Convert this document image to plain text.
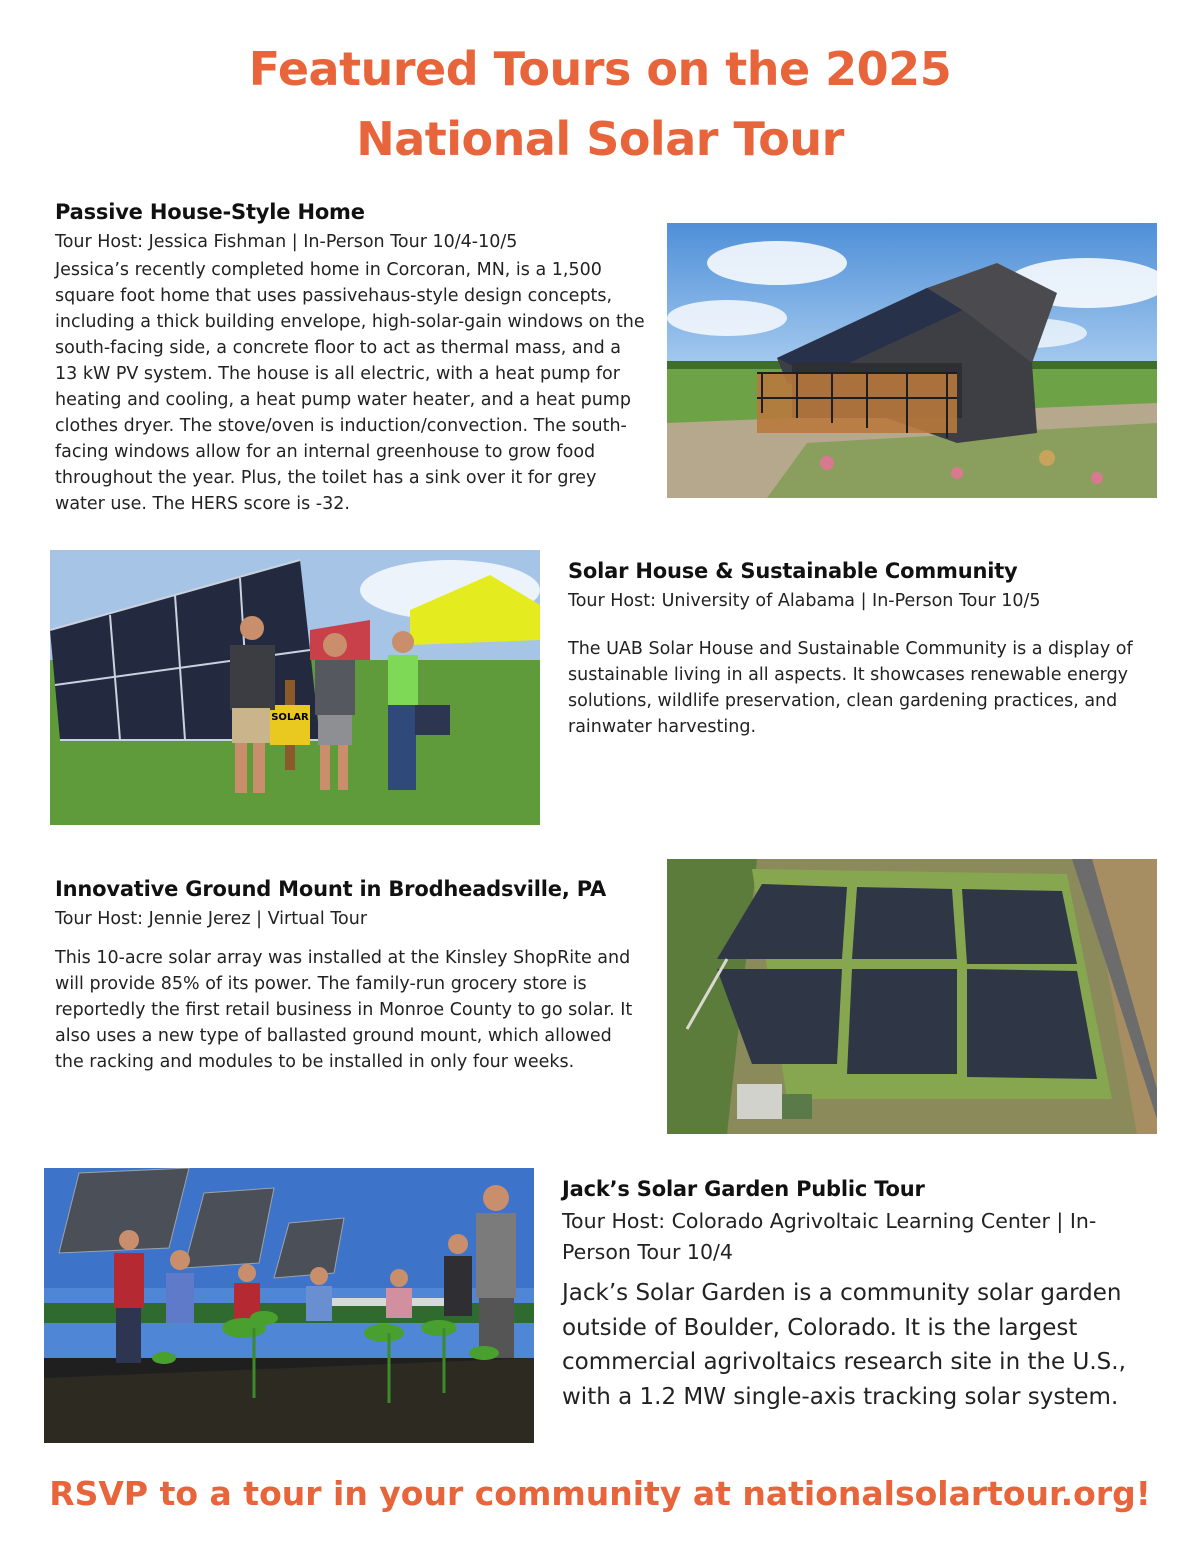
Featured Tours on the 2025
National Solar Tour
Passive House-Style Home
Tour Host: Jessica Fishman | In-Person Tour 10/4-10/5
Jessica’s recently completed home in Corcoran, MN, is a 1,500 square foot home that uses passivehaus-style design concepts, including a thick building envelope, high-solar-gain windows on the south-facing side, a concrete floor to act as thermal mass, and a 13 kW PV system. The house is all electric, with a heat pump for heating and cooling, a heat pump water heater, and a heat pump clothes dryer. The stove/oven is induction/convection. The south-facing windows allow for an internal greenhouse to grow food throughout the year. Plus, the toilet has a sink over it for grey water use. The HERS score is -32.
SOLAR
Solar House & Sustainable Community
Tour Host: University of Alabama | In-Person Tour 10/5
The UAB Solar House and Sustainable Community is a display of sustainable living in all aspects. It showcases renewable energy solutions, wildlife preservation, clean gardening practices, and rainwater harvesting.
Innovative Ground Mount in Brodheadsville, PA
Tour Host: Jennie Jerez | Virtual Tour
This 10-acre solar array was installed at the Kinsley ShopRite and will provide 85% of its power. The family-run grocery store is reportedly the first retail business in Monroe County to go solar. It also uses a new type of ballasted ground mount, which allowed the racking and modules to be installed in only four weeks.
Jack’s Solar Garden Public Tour
Tour Host: Colorado Agrivoltaic Learning Center | In-Person Tour 10/4
Jack’s Solar Garden is a community solar garden outside of Boulder, Colorado. It is the largest commercial agrivoltaics research site in the U.S., with a 1.2 MW single-axis tracking solar system.
RSVP to a tour in your community at nationalsolartour.org!
